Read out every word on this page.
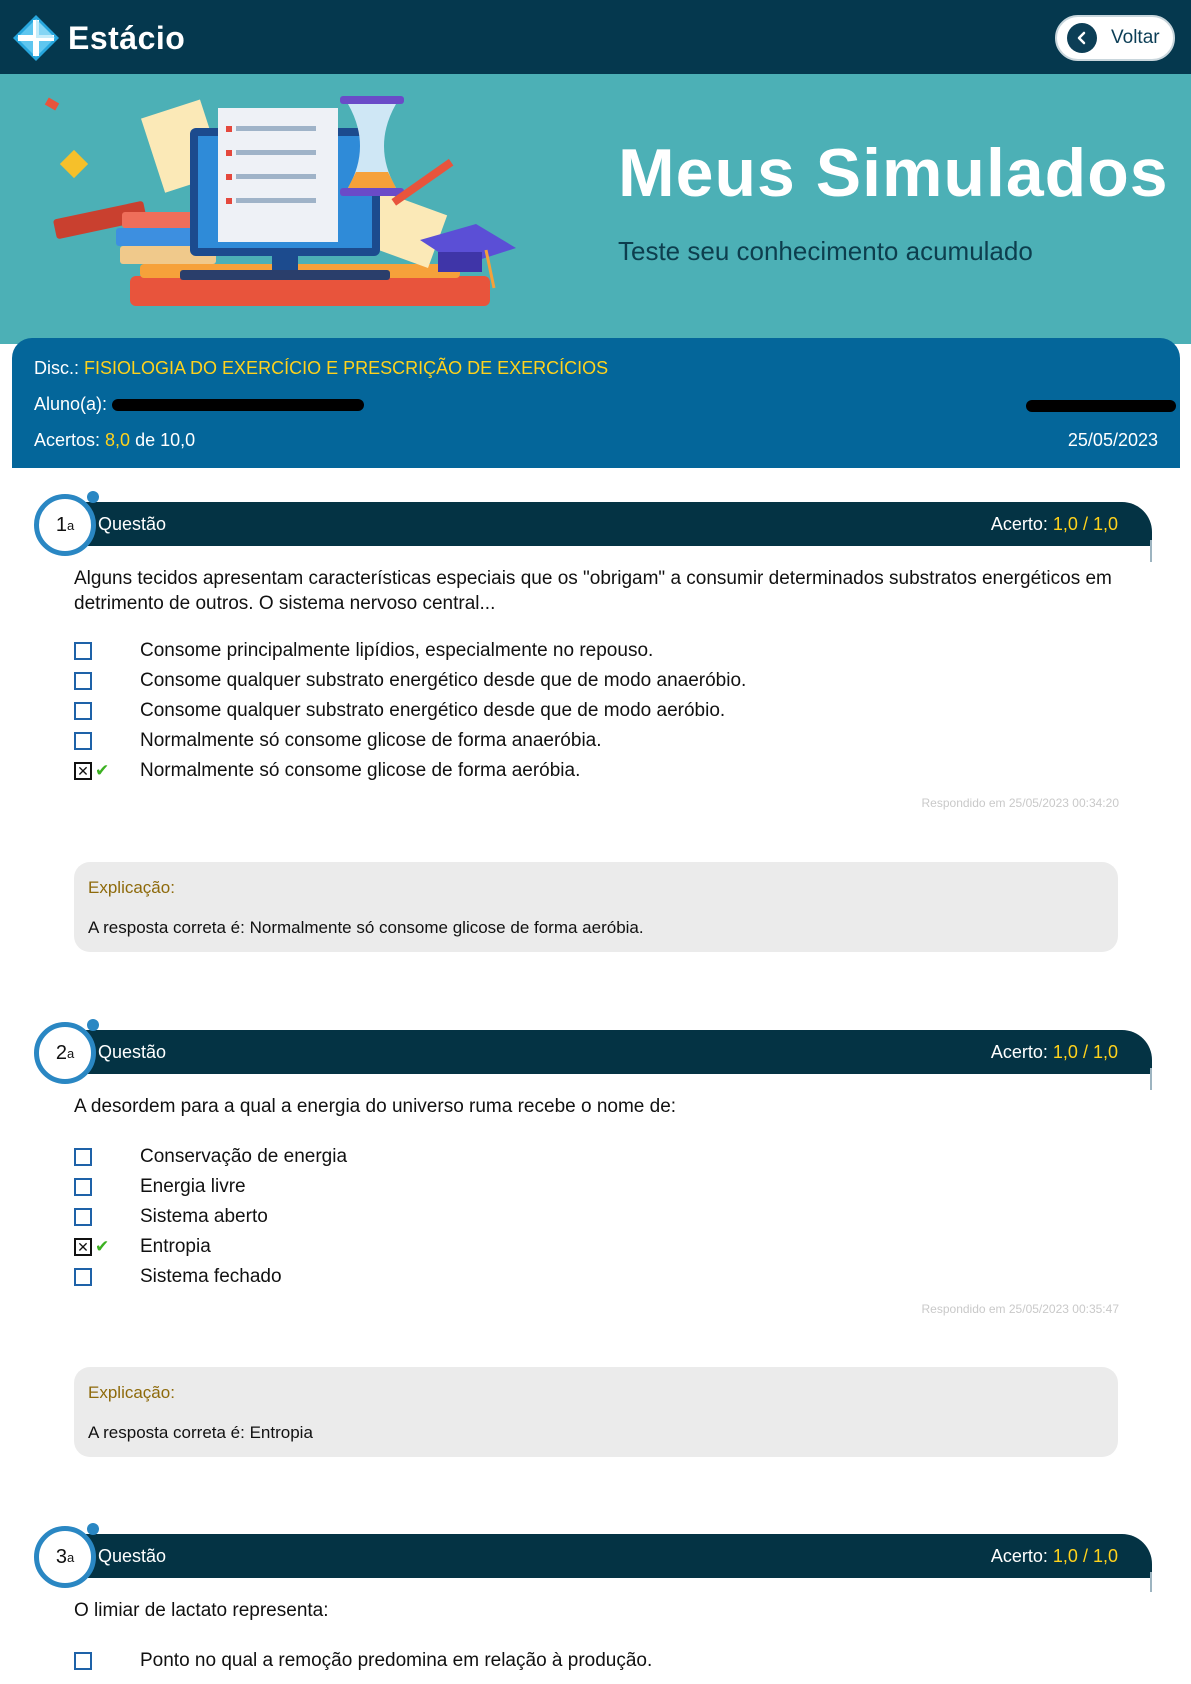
Estácio	Voltar
Meus Simulados
Teste seu conhecimento acumulado
Disc.: FISIOLOGIA DO EXERCÍCIO E PRESCRIÇÃO DE EXERCÍCIOS
Aluno(a):
Acertos: 8,0 de 10,0	25/05/2023
1 a Questão	Acerto: 1,0 / 1,0
Alguns tecidos apresentam características especiais que os "obrigam" a consumir determinados substratos energéticos em detrimento de outros. O sistema nervoso central...
Consome principalmente lipídios, especialmente no repouso.
Consome qualquer substrato energético desde que de modo anaeróbio.
Consome qualquer substrato energético desde que de modo aeróbio.
Normalmente só consome glicose de forma anaeróbia.
✕ ✔ Normalmente só consome glicose de forma aeróbia.
Respondido em 25/05/2023 00:34:20
Explicação:
A resposta correta é: Normalmente só consome glicose de forma aeróbia.
2 a Questão	Acerto: 1,0 / 1,0
A desordem para a qual a energia do universo ruma recebe o nome de:
Conservação de energia
Energia livre
Sistema aberto
✕ ✔ Entropia
Sistema fechado
Respondido em 25/05/2023 00:35:47
Explicação:
A resposta correta é: Entropia
3 a Questão	Acerto: 1,0 / 1,0
O limiar de lactato representa:
Ponto no qual a remoção predomina em relação à produção.
